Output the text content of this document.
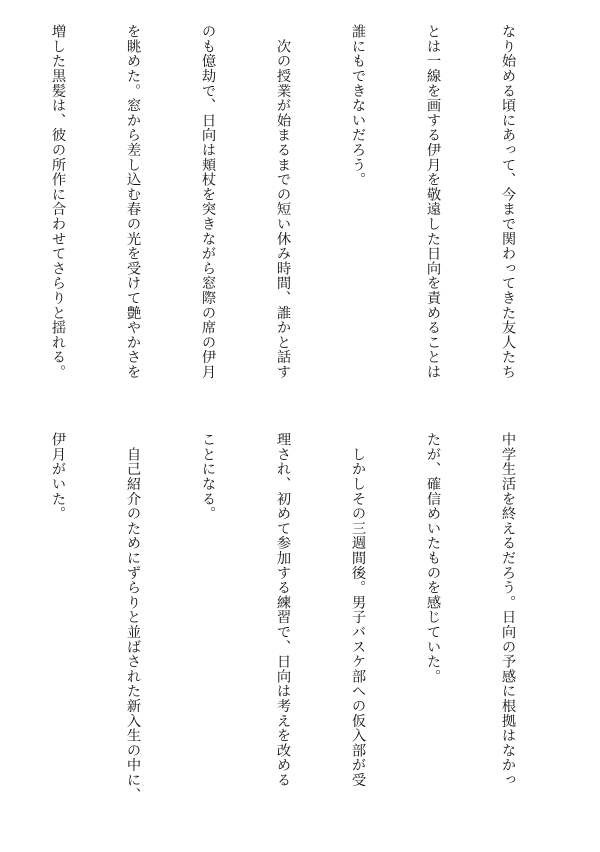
なり始める頃にあって、今まで関わってきた友人たち

とは一線を画する伊月を敬遠した日向を責めることは

誰にもできないだろう。

　次の授業が始まるまでの短い休み時間、誰かと話す

のも億劫で、日向は頬杖を突きながら窓際の席の伊月

を眺めた。窓から差し込む春の光を受けて艶やかさを

増した黒髪は、彼の所作に合わせてさらりと揺れる。

中学生活を終えるだろう。日向の予感に根拠はなかっ

たが、確信めいたものを感じていた。

　しかしその三週間後。男子バスケ部への仮入部が受

理され、初めて参加する練習で、日向は考えを改める

ことになる。

　自己紹介のためにずらりと並ばされた新入生の中に、

伊月がいた。
